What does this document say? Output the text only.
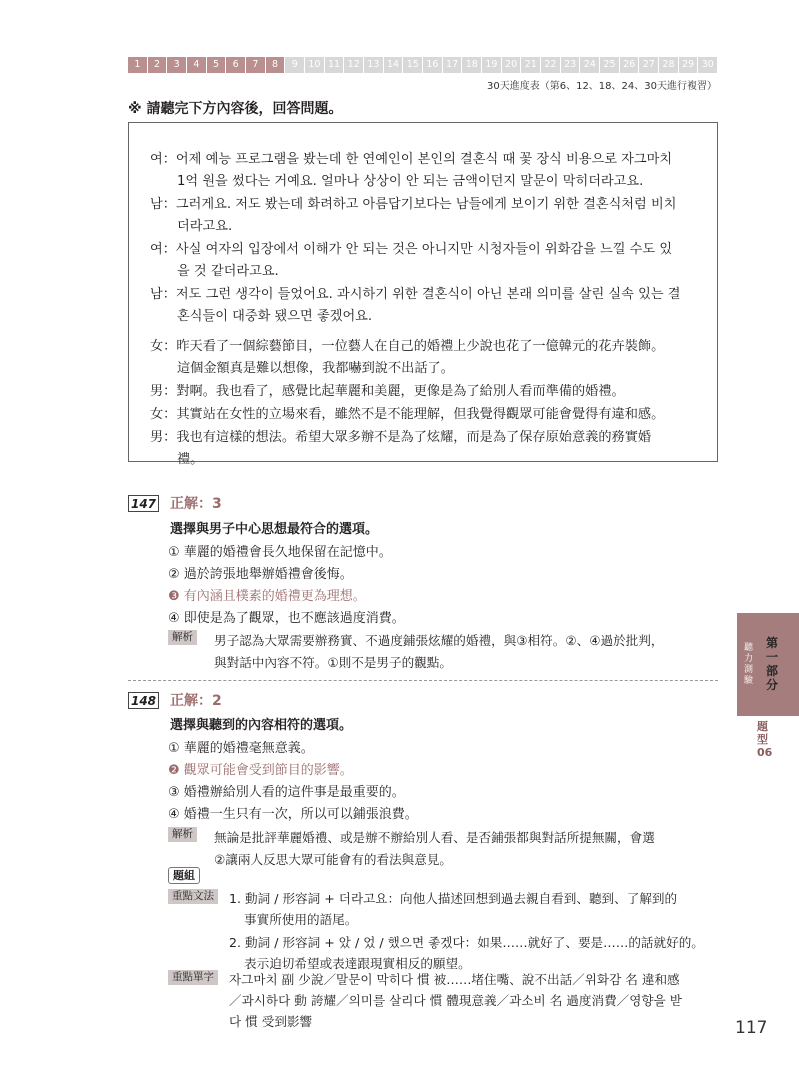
1	2	3	4	5	6	7	8	9	10 11 12 13 14 15 16 17 18 19 20 21 22 23 24 25 26 27 28 29 30
30天進度表（第6、12、18、24、30天進行複習）
※ 請聽完下方內容後，回答問題。
여：어제 예능 프로그램을 봤는데 한 연예인이 본인의 결혼식 때 꽃 장식 비용으로 자그마치
1억 원을 썼다는 거예요. 얼마나 상상이 안 되는 금액이던지 말문이 막히더라고요.
남：그러게요. 저도 봤는데 화려하고 아름답기보다는 남들에게 보이기 위한 결혼식처럼 비치
더라고요.
여：사실 여자의 입장에서 이해가 안 되는 것은 아니지만 시청자들이 위화감을 느낄 수도 있
을 것 같더라고요.
남：저도 그런 생각이 들었어요. 과시하기 위한 결혼식이 아닌 본래 의미를 살린 실속 있는 결
혼식들이 대중화 됐으면 좋겠어요.
女：昨天看了一個綜藝節目，一位藝人在自己的婚禮上少說也花了一億韓元的花卉裝飾。
這個金額真是難以想像，我都嚇到說不出話了。
男：對啊。我也看了，感覺比起華麗和美麗，更像是為了給別人看而準備的婚禮。
女：其實站在女性的立場來看，雖然不是不能理解，但我覺得觀眾可能會覺得有違和感。
男：我也有這樣的想法。希望大眾多辦不是為了炫耀，而是為了保存原始意義的務實婚
禮。
147 正解：3
選擇與男子中心思想最符合的選項。
① 華麗的婚禮會長久地保留在記憶中。
② 過於誇張地舉辦婚禮會後悔。
❸ 有內涵且樸素的婚禮更為理想。
④ 即使是為了觀眾，也不應該過度消費。
解析	男子認為大眾需要辦務實、不過度鋪張炫耀的婚禮，與③相符。②、④過於批判，
與對話中內容不符。①則不是男子的觀點。
148 正解：2
選擇與聽到的內容相符的選項。
① 華麗的婚禮毫無意義。
❷ 觀眾可能會受到節目的影響。
③ 婚禮辦給別人看的這件事是最重要的。
④ 婚禮一生只有一次，所以可以鋪張浪費。
解析	無論是批評華麗婚禮、或是辦不辦給別人看、是否鋪張都與對話所提無關，會選
②讓兩人反思大眾可能會有的看法與意見。
題組
重點文法	1. 動詞 / 形容詞 + 더라고요：向他人描述回想到過去親自看到、聽到、了解到的
事實所使用的語尾。
2. 動詞 / 形容詞 + 았 / 었 / 했으면 좋겠다：如果……就好了、要是……的話就好的。
表示迫切希望或表達跟現實相反的願望。
重點單字	자그마치 副 少說／말문이 막히다 慣 被……堵住嘴、說不出話／위화감 名 違和感
／과시하다 動 誇耀／의미를 살리다 慣 體現意義／과소비 名 過度消費／영향을 받
다 慣 受到影響
第一部分
聽力測驗
題型06
117
